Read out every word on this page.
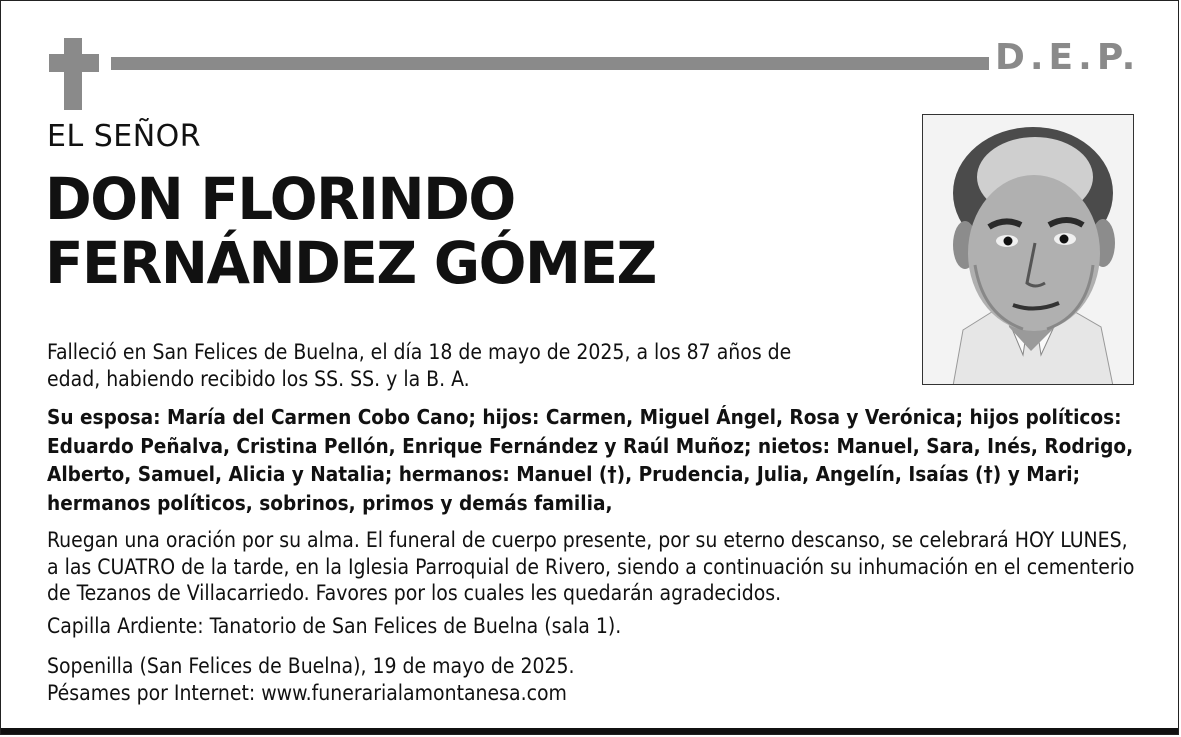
D.E.P.
EL SEÑOR
DON FLORINDO
FERNÁNDEZ GÓMEZ
Falleció en San Felices de Buelna, el día 18 de mayo de 2025, a los 87 años de edad, habiendo recibido los SS. SS. y la B. A.
Su esposa: María del Carmen Cobo Cano; hijos: Carmen, Miguel Ángel, Rosa y Verónica; hijos políticos: Eduardo Peñalva, Cristina Pellón, Enrique Fernández y Raúl Muñoz; nietos: Manuel, Sara, Inés, Rodrigo, Alberto, Samuel, Alicia y Natalia; hermanos: Manuel (†), Prudencia, Julia, Angelín, Isaías (†) y Mari; hermanos políticos, sobrinos, primos y demás familia,
Ruegan una oración por su alma. El funeral de cuerpo presente, por su eterno descanso, se celebrará HOY LUNES, a las CUATRO de la tarde, en la Iglesia Parroquial de Rivero, siendo a continuación su inhumación en el cementerio de Tezanos de Villacarriedo. Favores por los cuales les quedarán agradecidos.
Capilla Ardiente: Tanatorio de San Felices de Buelna (sala 1).
Sopenilla (San Felices de Buelna), 19 de mayo de 2025.
Pésames por Internet: www.funerarialamontanesa.com
